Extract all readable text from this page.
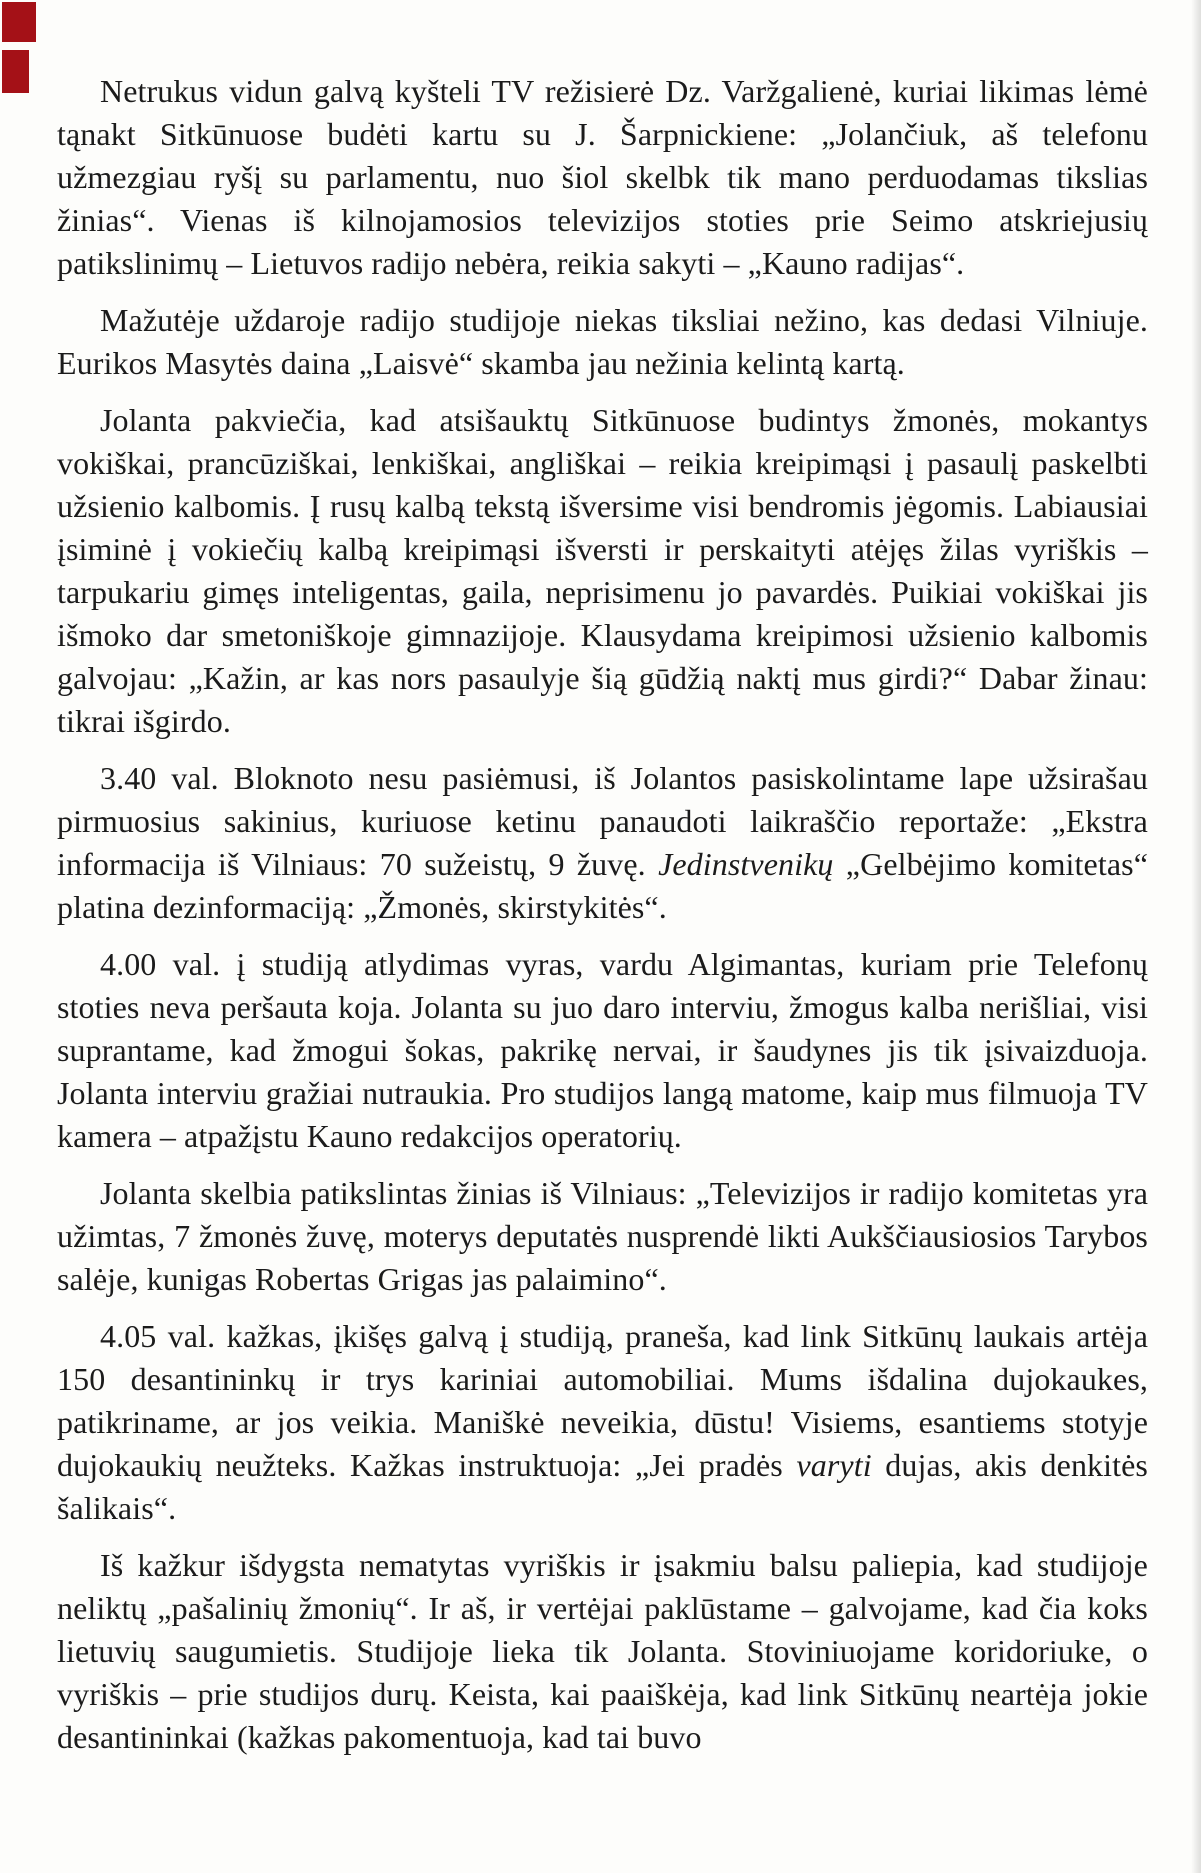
Netrukus vidun galvą kyšteli TV režisierė Dz. Varžgalienė, kuriai likimas lėmė tąnakt Sitkūnuose budėti kartu su J. Šarpnickiene: „Jolančiuk, aš telefonu užmezgiau ryšį su parlamentu, nuo šiol skelbk tik mano perduodamas tikslias žinias“. Vienas iš kilnojamosios televizijos stoties prie Seimo atskriejusių patikslinimų – Lietuvos radijo nebėra, reikia sakyti – „Kauno radijas“.

Mažutėje uždaroje radijo studijoje niekas tiksliai nežino, kas dedasi Vilniuje. Eurikos Masytės daina „Laisvė“ skamba jau nežinia kelintą kartą.

Jolanta pakviečia, kad atsišauktų Sitkūnuose budintys žmonės, mokantys vokiškai, prancūziškai, lenkiškai, angliškai – reikia kreipimąsi į pasaulį paskelbti užsienio kalbomis. Į rusų kalbą tekstą išversime visi bendromis jėgomis. Labiausiai įsiminė į vokiečių kalbą kreipimąsi išversti ir perskaityti atėjęs žilas vyriškis – tarpukariu gimęs inteligentas, gaila, neprisimenu jo pavardės. Puikiai vokiškai jis išmoko dar smetoniškoje gimnazijoje. Klausydama kreipimosi užsienio kalbomis galvojau: „Kažin, ar kas nors pasaulyje šią gūdžią naktį mus girdi?“ Dabar žinau: tikrai išgirdo.

3.40 val. Bloknoto nesu pasiėmusi, iš Jolantos pasiskolintame lape užsirašau pirmuosius sakinius, kuriuose ketinu panaudoti laikraščio reportaže: „Ekstra informacija iš Vilniaus: 70 sužeistų, 9 žuvę. Jedinstvenikų „Gelbėjimo komitetas“ platina dezinformaciją: „Žmonės, skirstykitės“.

4.00 val. į studiją atlydimas vyras, vardu Algimantas, kuriam prie Telefonų stoties neva peršauta koja. Jolanta su juo daro interviu, žmogus kalba nerišliai, visi suprantame, kad žmogui šokas, pakrikę nervai, ir šaudynes jis tik įsivaizduoja. Jolanta interviu gražiai nutraukia. Pro studijos langą matome, kaip mus filmuoja TV kamera – atpažįstu Kauno redakcijos operatorių.

Jolanta skelbia patikslintas žinias iš Vilniaus: „Televizijos ir radijo komitetas yra užimtas, 7 žmonės žuvę, moterys deputatės nusprendė likti Aukščiausiosios Tarybos salėje, kunigas Robertas Grigas jas palaimino“.

4.05 val. kažkas, įkišęs galvą į studiją, praneša, kad link Sitkūnų laukais artėja 150 desantininkų ir trys kariniai automobiliai. Mums išdalina dujokaukes, patikriname, ar jos veikia. Maniškė neveikia, dūstu! Visiems, esantiems stotyje dujokaukių neužteks. Kažkas instruktuoja: „Jei pradės varyti dujas, akis denkitės šalikais“.

Iš kažkur išdygsta nematytas vyriškis ir įsakmiu balsu paliepia, kad studijoje neliktų „pašalinių žmonių“. Ir aš, ir vertėjai paklūstame – galvojame, kad čia koks lietuvių saugumietis. Studijoje lieka tik Jolanta. Stoviniuojame koridoriuke, o vyriškis – prie studijos durų. Keista, kai paaiškėja, kad link Sitkūnų neartėja jokie desantininkai (kažkas pakomentuoja, kad tai buvo
